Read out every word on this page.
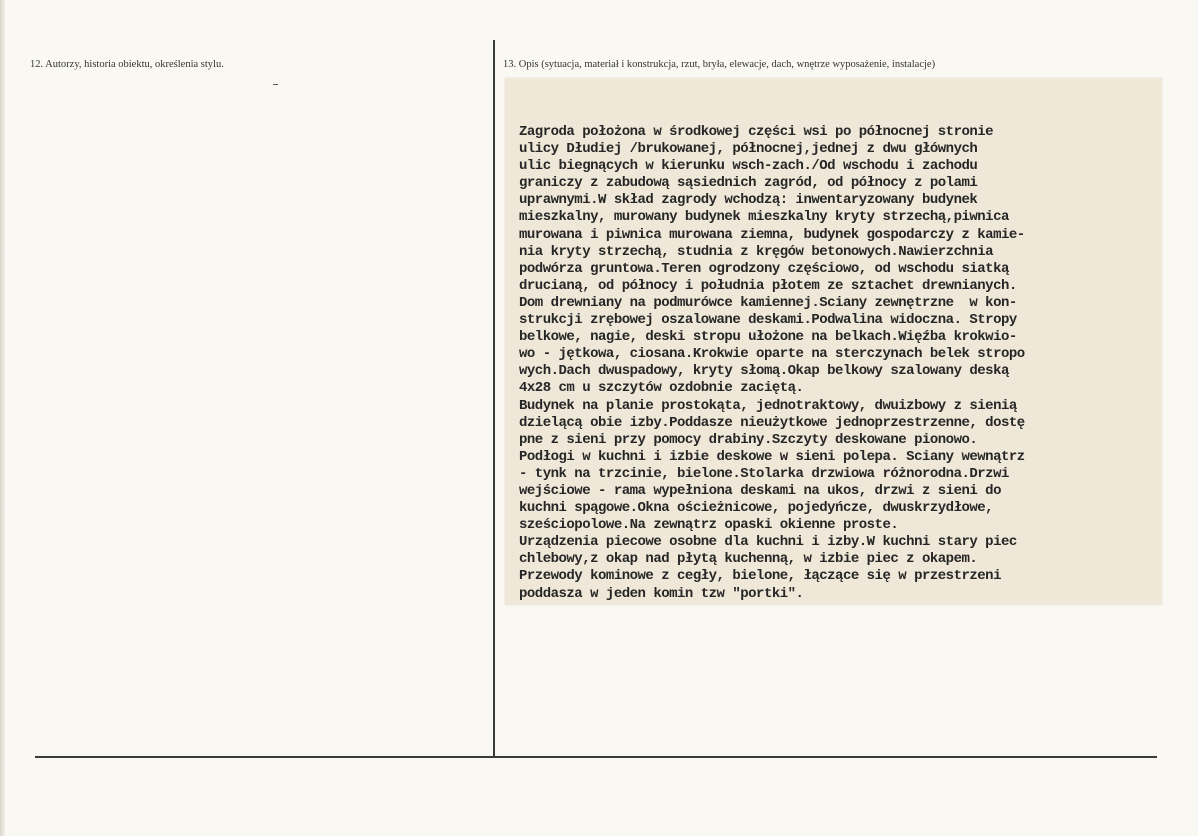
12. Autorzy, historia obiektu, określenia stylu.	13. Opis (sytuacja, materiał i konstrukcja, rzut, bryła, elewacje, dach, wnętrze wyposażenie, instalacje)
Zagroda położona w środkowej części wsi po północnej stronie
ulicy Dłudiej /brukowanej, północnej,jednej z dwu głównych
ulic biegnących w kierunku wsch-zach./Od wschodu i zachodu
graniczy z zabudową sąsiednich zagród, od północy z polami
uprawnymi.W skład zagrody wchodzą: inwentaryzowany budynek
mieszkalny, murowany budynek mieszkalny kryty strzechą,piwnica
murowana i piwnica murowana ziemna, budynek gospodarczy z kamie-
nia kryty strzechą, studnia z kręgów betonowych.Nawierzchnia
podwórza gruntowa.Teren ogrodzony częściowo, od wschodu siatką
drucianą, od północy i południa płotem ze sztachet drewnianych.
Dom drewniany na podmurówce kamiennej.Sciany zewnętrzne  w kon-
strukcji zrębowej oszalowane deskami.Podwalina widoczna. Stropy
belkowe, nagie, deski stropu ułożone na belkach.Więźba krokwio-
wo - jętkowa, ciosana.Krokwie oparte na sterczynach belek stropo
wych.Dach dwuspadowy, kryty słomą.Okap belkowy szalowany deską
4x28 cm u szczytów ozdobnie zaciętą.
Budynek na planie prostokąta, jednotraktowy, dwuizbowy z sienią
dzielącą obie izby.Poddasze nieużytkowe jednoprzestrzenne, dostę
pne z sieni przy pomocy drabiny.Szczyty deskowane pionowo.
Podłogi w kuchni i izbie deskowe w sieni polepa. Sciany wewnątrz
- tynk na trzcinie, bielone.Stolarka drzwiowa różnorodna.Drzwi
wejściowe - rama wypełniona deskami na ukos, drzwi z sieni do
kuchni spągowe.Okna ościeżnicowe, pojedyńcze, dwuskrzydłowe,
sześciopolowe.Na zewnątrz opaski okienne proste.
Urządzenia piecowe osobne dla kuchni i izby.W kuchni stary piec
chlebowy,z okap nad płytą kuchenną, w izbie piec z okapem.
Przewody kominowe z cegły, bielone, łączące się w przestrzeni
poddasza w jeden komin tzw "portki".
